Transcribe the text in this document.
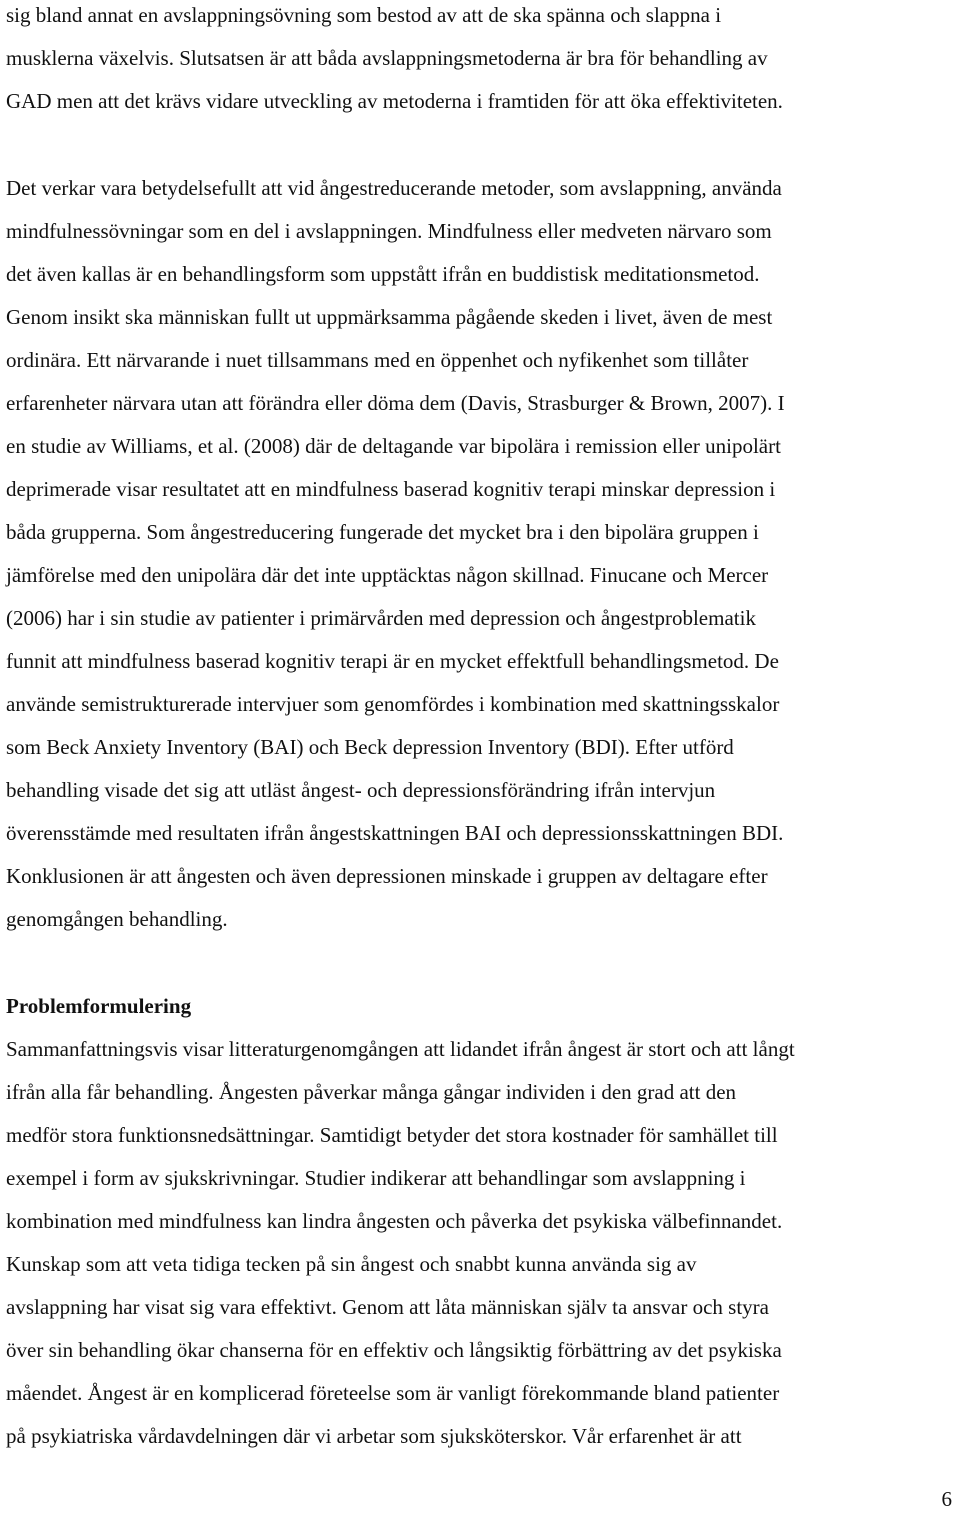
sig bland annat en avslappningsövning som bestod av att de ska spänna och slappna i
musklerna växelvis. Slutsatsen är att båda avslappningsmetoderna är bra för behandling av
GAD men att det krävs vidare utveckling av metoderna i framtiden för att öka effektiviteten.
Det verkar vara betydelsefullt att vid ångestreducerande metoder, som avslappning, använda
mindfulnessövningar som en del i avslappningen. Mindfulness eller medveten närvaro som
det även kallas är en behandlingsform som uppstått ifrån en buddistisk meditationsmetod.
Genom insikt ska människan fullt ut uppmärksamma pågående skeden i livet, även de mest
ordinära. Ett närvarande i nuet tillsammans med en öppenhet och nyfikenhet som tillåter
erfarenheter närvara utan att förändra eller döma dem (Davis, Strasburger & Brown, 2007). I
en studie av Williams, et al. (2008) där de deltagande var bipolära i remission eller unipolärt
deprimerade visar resultatet att en mindfulness baserad kognitiv terapi minskar depression i
båda grupperna. Som ångestreducering fungerade det mycket bra i den bipolära gruppen i
jämförelse med den unipolära där det inte upptäcktas någon skillnad. Finucane och Mercer
(2006) har i sin studie av patienter i primärvården med depression och ångestproblematik
funnit att mindfulness baserad kognitiv terapi är en mycket effektfull behandlingsmetod. De
använde semistrukturerade intervjuer som genomfördes i kombination med skattningsskalor
som Beck Anxiety Inventory (BAI) och Beck depression Inventory (BDI). Efter utförd
behandling visade det sig att utläst ångest- och depressionsförändring ifrån intervjun
överensstämde med resultaten ifrån ångestskattningen BAI och depressionsskattningen BDI.
Konklusionen är att ångesten och även depressionen minskade i gruppen av deltagare efter
genomgången behandling.
Problemformulering
Sammanfattningsvis visar litteraturgenomgången att lidandet ifrån ångest är stort och att långt
ifrån alla får behandling. Ångesten påverkar många gångar individen i den grad att den
medför stora funktionsnedsättningar. Samtidigt betyder det stora kostnader för samhället till
exempel i form av sjukskrivningar. Studier indikerar att behandlingar som avslappning i
kombination med mindfulness kan lindra ångesten och påverka det psykiska välbefinnandet.
Kunskap som att veta tidiga tecken på sin ångest och snabbt kunna använda sig av
avslappning har visat sig vara effektivt. Genom att låta människan själv ta ansvar och styra
över sin behandling ökar chanserna för en effektiv och långsiktig förbättring av det psykiska
måendet. Ångest är en komplicerad företeelse som är vanligt förekommande bland patienter
på psykiatriska vårdavdelningen där vi arbetar som sjuksköterskor. Vår erfarenhet är att
6
